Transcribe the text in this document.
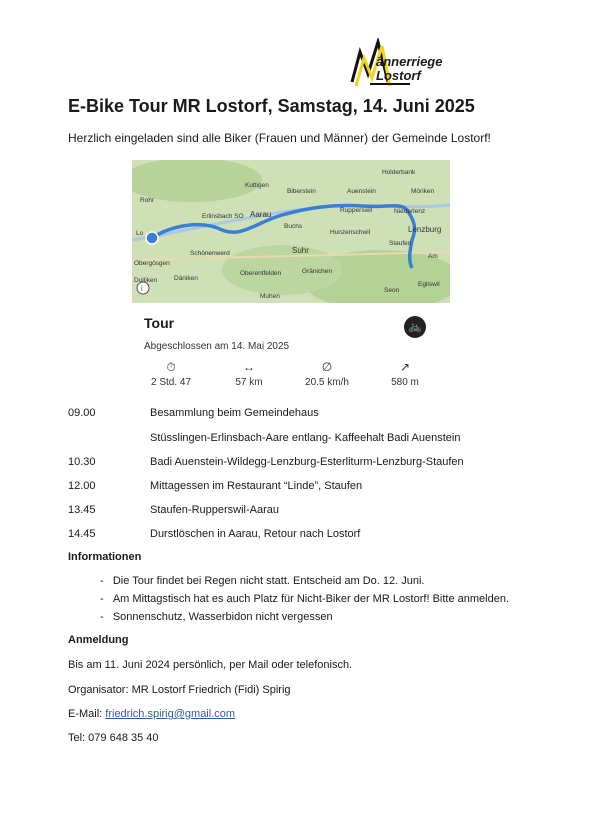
ännerriege
Lostorf
E-Bike Tour MR Lostorf, Samstag, 14. Juni 2025
Herzlich eingeladen sind alle Biker (Frauen und Männer) der Gemeinde Lostorf!
i
Holderbank
Kuttigen
Biberstein	Auenstein	Möriken
Rohr
Erlinsbach SO Aarau	Rupperswil	Niederlenz
Lenzburg
Buchs
Hunzenschwil
Staufen
Lo
Schönenwerd	Suhr
Obergösgen
Däniken
Oberentfelden	Gränichen
Dulliken
Am
Seon
Egliswil
Muhen
Tour	🚲
Abgeschlossen am 14. Mai 2025
⏱
2 Std. 47
↔
57 km
∅
20.5 km/h
↗
580 m
09.00	Besammlung beim Gemeindehaus
Stüsslingen-Erlinsbach-Aare entlang- Kaffeehalt Badi Auenstein
10.30	Badi Auenstein-Wildegg-Lenzburg-Esterliturm-Lenzburg-Staufen
12.00	Mittagessen im Restaurant “Linde”, Staufen
13.45	Staufen-Rupperswil-Aarau
14.45	Durstlöschen in Aarau, Retour nach Lostorf
Informationen
-   Die Tour findet bei Regen nicht statt. Entscheid am Do. 12. Juni.
-   Am Mittagstisch hat es auch Platz für Nicht-Biker der MR Lostorf! Bitte anmelden.
-   Sonnenschutz, Wasserbidon nicht vergessen
Anmeldung
Bis am 11. Juni 2024 persönlich, per Mail oder telefonisch.
Organisator: MR Lostorf Friedrich (Fidi) Spirig
E-Mail: friedrich.spirig@gmail.com
Tel: 079 648 35 40
